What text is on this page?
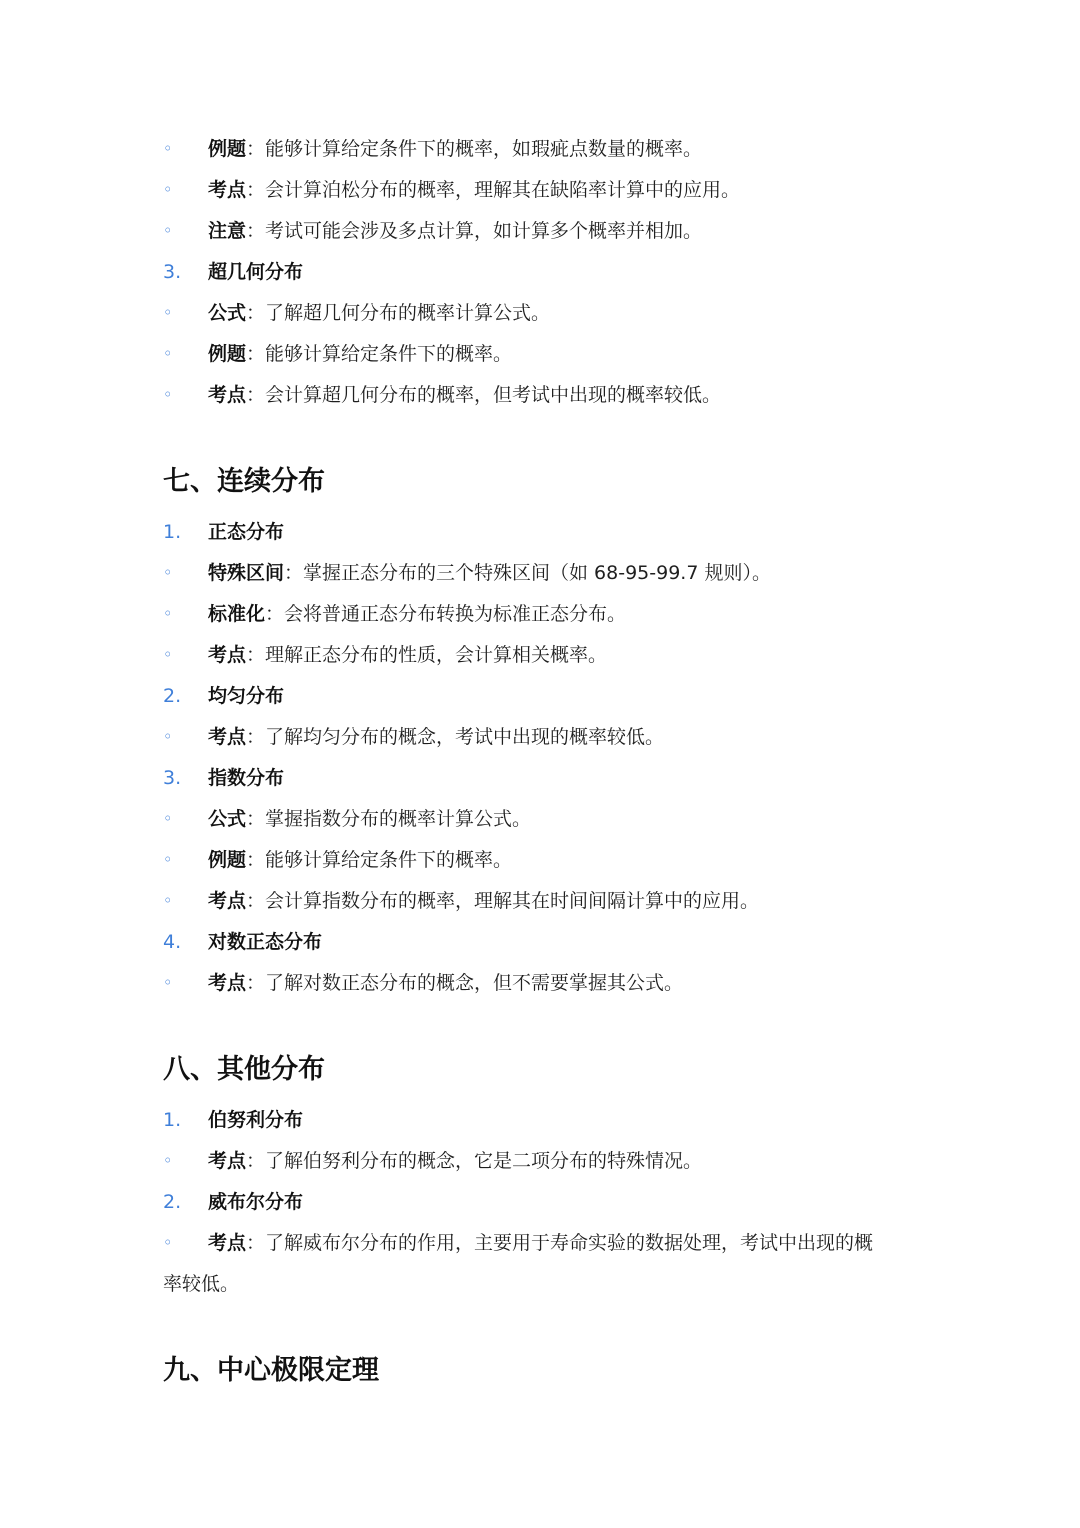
◦ 例题：能够计算给定条件下的概率，如瑕疵点数量的概率。
◦ 考点：会计算泊松分布的概率，理解其在缺陷率计算中的应用。
◦ 注意：考试可能会涉及多点计算，如计算多个概率并相加。
3.	超几何分布
◦ 公式：了解超几何分布的概率计算公式。
◦ 例题：能够计算给定条件下的概率。
◦ 考点：会计算超几何分布的概率，但考试中出现的概率较低。
七、连续分布
1.	正态分布
◦ 特殊区间：掌握正态分布的三个特殊区间（如 68-95-99.7 规则）。
◦ 标准化：会将普通正态分布转换为标准正态分布。
◦ 考点：理解正态分布的性质，会计算相关概率。
2.	均匀分布
◦ 考点：了解均匀分布的概念，考试中出现的概率较低。
3.	指数分布
◦ 公式：掌握指数分布的概率计算公式。
◦ 例题：能够计算给定条件下的概率。
◦ 考点：会计算指数分布的概率，理解其在时间间隔计算中的应用。
4.	对数正态分布
◦ 考点：了解对数正态分布的概念，但不需要掌握其公式。
八、其他分布
1.	伯努利分布
◦ 考点：了解伯努利分布的概念，它是二项分布的特殊情况。
2.	威布尔分布
◦ 考点：了解威布尔分布的作用，主要用于寿命实验的数据处理，考试中出现的概
率较低。
九、中心极限定理
